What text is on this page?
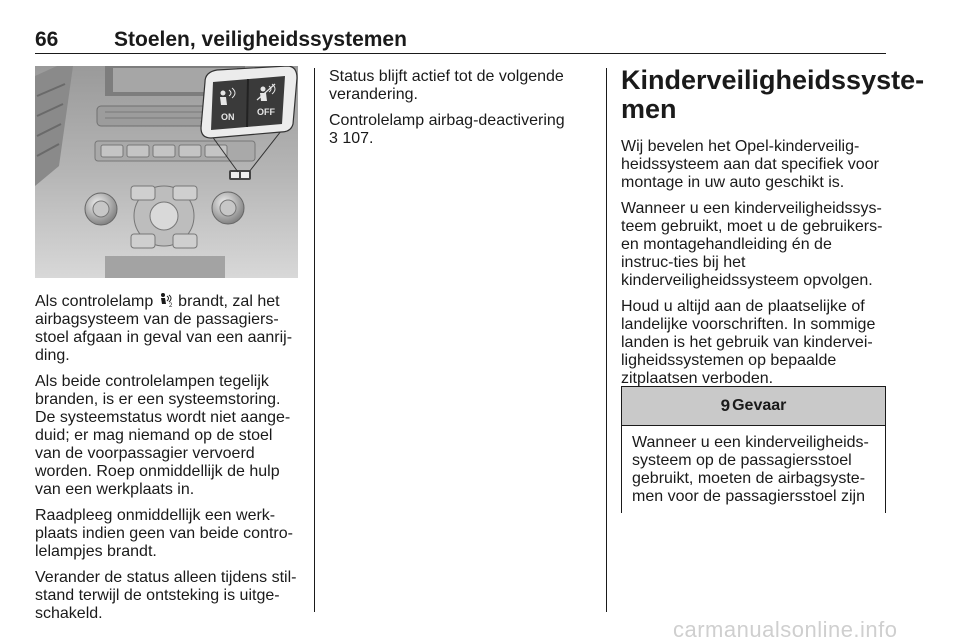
66	Stoelen, veiligheidssystemen
ON	OFF

Als controlelamp 2 brandt, zal het airbagsysteem van de passagiers-stoel afgaan in geval van een aanrij-ding.

Als beide controlelampen tegelijk branden, is er een systeemstoring. De systeemstatus wordt niet aange-duid; er mag niemand op de stoel van de voorpassagier vervoerd worden. Roep onmiddellijk de hulp van een werkplaats in.

Raadpleeg onmiddellijk een werk-plaats indien geen van beide contro-lelampjes brandt.

Verander de status alleen tijdens stil-stand terwijl de ontsteking is uitge-schakeld.

Status blijft actief tot de volgende verandering.

Controlelamp airbag-deactivering
3 107.

Kinderveiligheidssyste-men

Wij bevelen het Opel-kinderveilig-heidssysteem aan dat specifiek voor montage in uw auto geschikt is.

Wanneer u een kinderveiligheidssys-teem gebruikt, moet u de gebruikers-en montagehandleiding én de instruc-ties bij het kinderveiligheidssysteem opvolgen.

Houd u altijd aan de plaatselijke of landelijke voorschriften. In sommige landen is het gebruik van kindervei-ligheidssystemen op bepaalde zitplaatsen verboden.

9 Gevaar
Wanneer u een kinderveiligheids-systeem op de passagiersstoel gebruikt, moeten de airbagsyste-men voor de passagiersstoel zijn
carmanualsonline.info
